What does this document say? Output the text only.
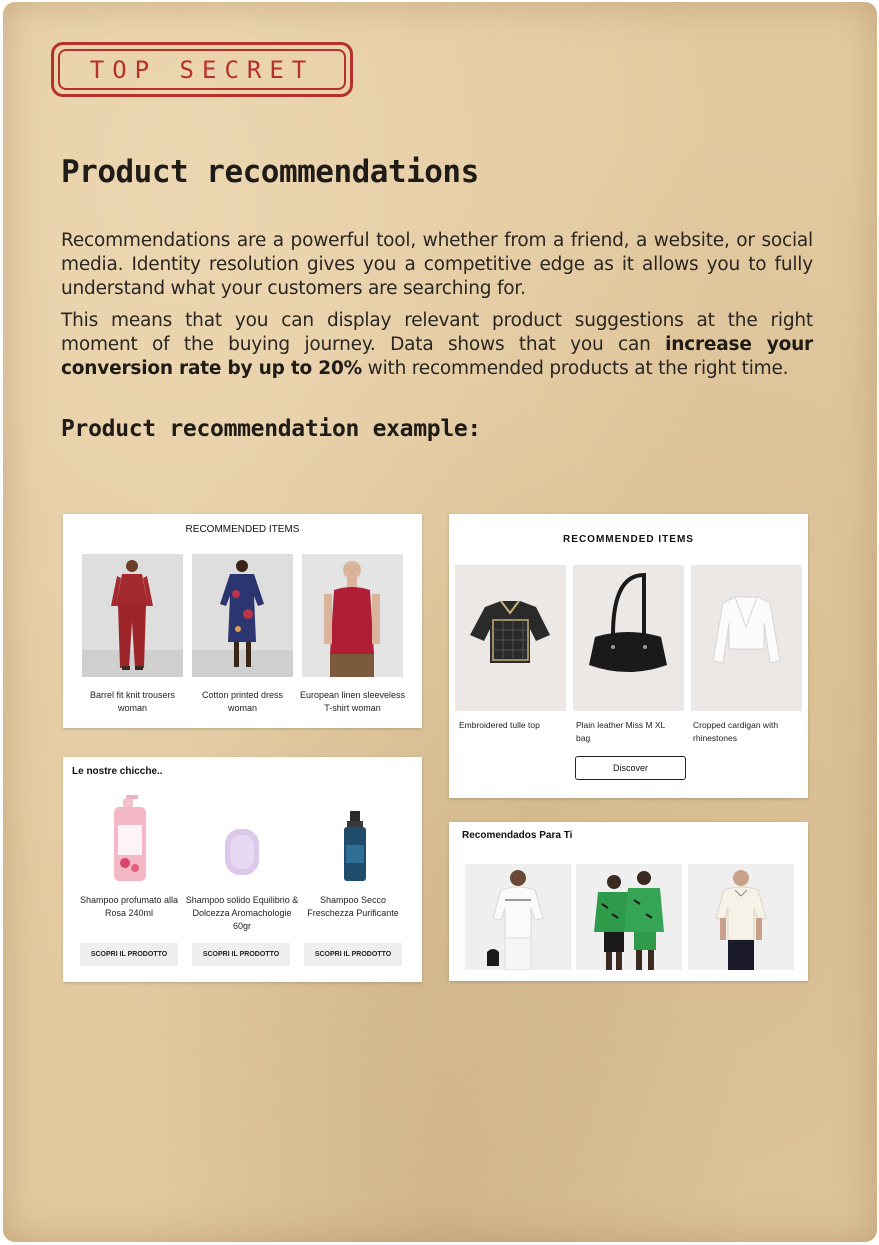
TOP SECRET
Product recommendations

Recommendations are a powerful tool, whether from a friend, a website, or social media. Identity resolution gives you a competitive edge as it allows you to fully understand what your customers are searching for.

This means that you can display relevant product suggestions at the right moment of the buying journey. Data shows that you can increase your conversion rate by up to 20% with recommended products at the right time.

Product recommendation example:
RECOMMENDED ITEMS
Barrel fit knit trousers woman
Cotton printed dress woman
European linen sleeveless T-shirt woman
RECOMMENDED ITEMS
Embroidered tulle top	Plain leather Miss M XL bag
Cropped cardigan with rhinestones
Discover
Le nostre chicche..
Shampoo profumato alla Rosa 240ml
Shampoo solido Equilibrio & Dolcezza Aromachologie 60gr
Shampoo Secco Freschezza Purificante
SCOPRI IL PRODOTTO	SCOPRI IL PRODOTTO	SCOPRI IL PRODOTTO
Recomendados Para Ti
